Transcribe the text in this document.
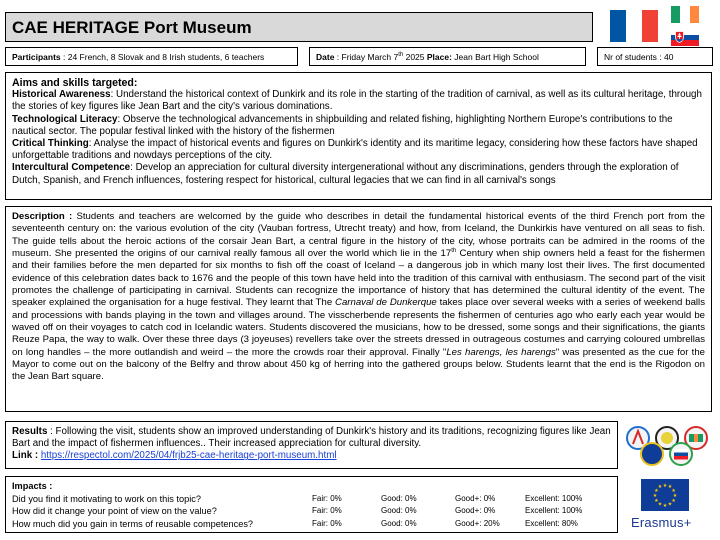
CAE HERITAGE Port Museum
Participants : 24 French, 8 Slovak and 8 Irish students, 6 teachers	Date : Friday March 7th 2025 Place: Jean Bart High School	Nr of students : 40
Aims and skills targeted:
Historical Awareness: Understand the historical context of Dunkirk and its role in the starting of the tradition of carnival, as well as its cultural heritage, through the stories of key figures like Jean Bart and the city's various dominations.
Technological Literacy: Observe the technological advancements in shipbuilding and related fishing, highlighting Northern Europe's contributions to the nautical sector. The popular festival linked with the history of the fishermen
Critical Thinking: Analyse the impact of historical events and figures on Dunkirk's identity and its maritime legacy, considering how these factors have shaped unforgettable traditions and nowdays perceptions of the city.
Intercultural Competence: Develop an appreciation for cultural diversity intergenerational without any discriminations, genders through the exploration of Dutch, Spanish, and French influences, fostering respect for historical, cultural legacies that we can find in all carnival's songs
Description : Students and teachers are welcomed by the guide who describes in detail the fundamental historical events of the third French port from the seventeenth century on: the various evolution of the city (Vauban fortress, Utrecht treaty) and how, from Iceland, the Dunkirkis have ventured on all seas to fish. The guide tells about the heroic actions of the corsair Jean Bart, a central figure in the history of the city, whose portraits can be admired in the rooms of the museum. She presented the origins of our carnival really famous all over the world which lie in the 17th Century when ship owners held a feast for the fishermen and their families before the men departed for six months to fish off the coast of Iceland – a dangerous job in which many lost their lives. The first documented evidence of this celebration dates back to 1676 and the people of this town have held into the tradition of this carnival with enthusiasm. The second part of the visit promotes the challenge of participating in carnival. Students can recognize the importance of history that has determined the cultural identity of the event. The speaker explained the organisation for a huge festival. They learnt that The Carnaval de Dunkerque takes place over several weeks with a series of weekend balls and processions with bands playing in the town and villages around. The visscherbende represents the fishermen of centuries ago who early each year would be waved off on their voyages to catch cod in Icelandic waters. Students discovered the musicians, how to be dressed, some songs and their significations, the giants Reuze Papa, the way to walk. Over these three days (3 joyeuses) revellers take over the streets dressed in outrageous costumes and carrying coloured umbrellas on long handles – the more outlandish and weird – the more the crowds roar their approval. Finally "Les harengs, les harengs" was presented as the cue for the Mayor to come out on the balcony of the Belfry and throw about 450 kg of herring into the gathered groups below. Students learnt that the end is the Rigodon on the Jean Bart square.
Results : Following the visit, students show an improved understanding of Dunkirk's history and its traditions, recognizing figures like Jean Bart and the impact of fishermen influences.. Their increased appreciation for cultural diversity.
Link : https://respectol.com/2025/04/frjb25-cae-heritage-port-museum.html
Impacts :
Did you find it motivating to work on this topic?	Fair: 0%	Good: 0%	Good+: 0%	Excellent: 100%
How did it change your point of view on the value?	Fair: 0%	Good: 0%	Good+: 0%	Excellent: 100%
How much did you gain in terms of reusable competences?	Fair: 0%	Good: 0%	Good+: 20%	Excellent: 80%
★
★
★
★
★
★
★
★
★ ★ ★
★
Erasmus+
